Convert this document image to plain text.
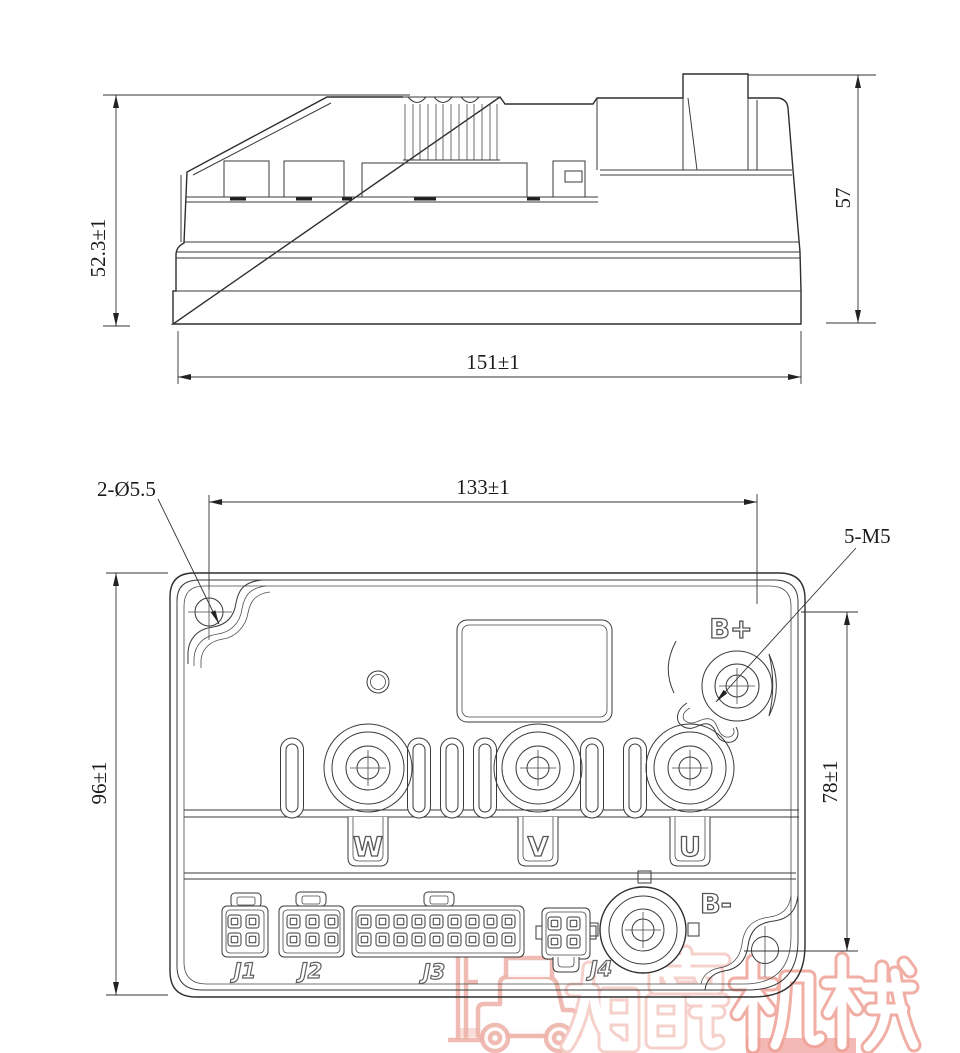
52.3±1
57
151±1
W	V	U
B+
B-
J1 J2	J3	J4
133±1
2-Ø5.5
5-M5
96±1	78±1
